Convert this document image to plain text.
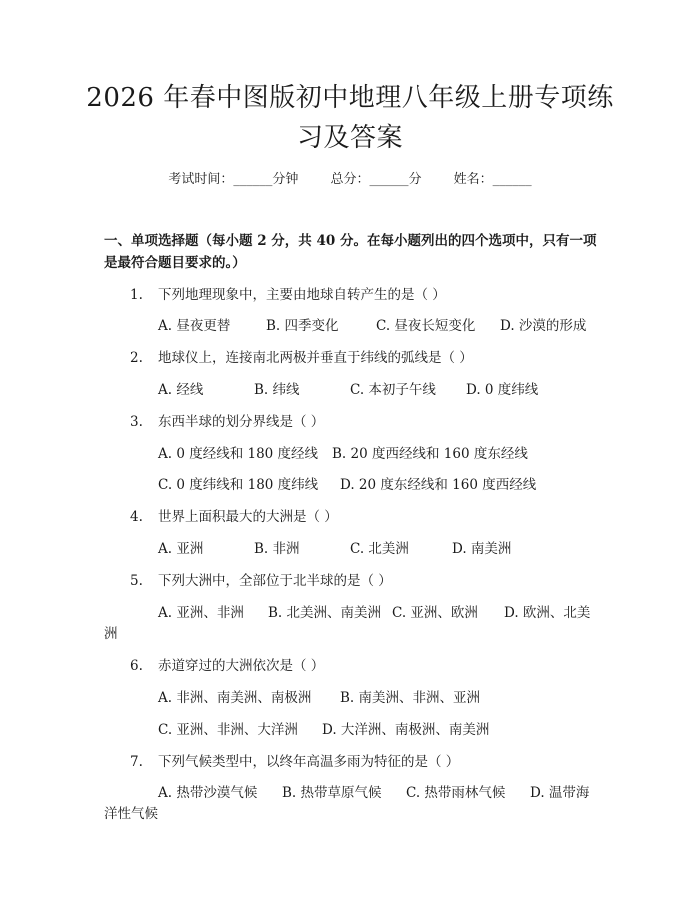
2026 年春中图版初中地理八年级上册专项练
习及答案
考试时间：______分钟 总分：______分 姓名：______
一、单项选择题（每小题 2 分，共 40 分。在每小题列出的四个选项中，只有一项是最符合题目要求的。）
1. 下列地理现象中，主要由地球自转产生的是（ ）
A. 昼夜更替	B. 四季变化	C. 昼夜长短变化 D. 沙漠的形成
2. 地球仪上，连接南北两极并垂直于纬线的弧线是（ ）
A. 经线	B. 纬线	C. 本初子午线 D. 0 度纬线
3. 东西半球的划分界线是（ ）
A. 0 度经线和 180 度经线 B. 20 度西经线和 160 度东经线
C. 0 度纬线和 180 度纬线 D. 20 度东经线和 160 度西经线
4. 世界上面积最大的大洲是（ ）
A. 亚洲	B. 非洲	C. 北美洲	D. 南美洲
5. 下列大洲中，全部位于北半球的是（ ）
A. 亚洲、非洲 B. 北美洲、南美洲 C. 亚洲、欧洲 D. 欧洲、北美
洲
6. 赤道穿过的大洲依次是（ ）
A. 非洲、南美洲、南极洲 B. 南美洲、非洲、亚洲
C. 亚洲、非洲、大洋洲 D. 大洋洲、南极洲、南美洲
7. 下列气候类型中，以终年高温多雨为特征的是（ ）
A. 热带沙漠气候 B. 热带草原气候 C. 热带雨林气候 D. 温带海
洋性气候
